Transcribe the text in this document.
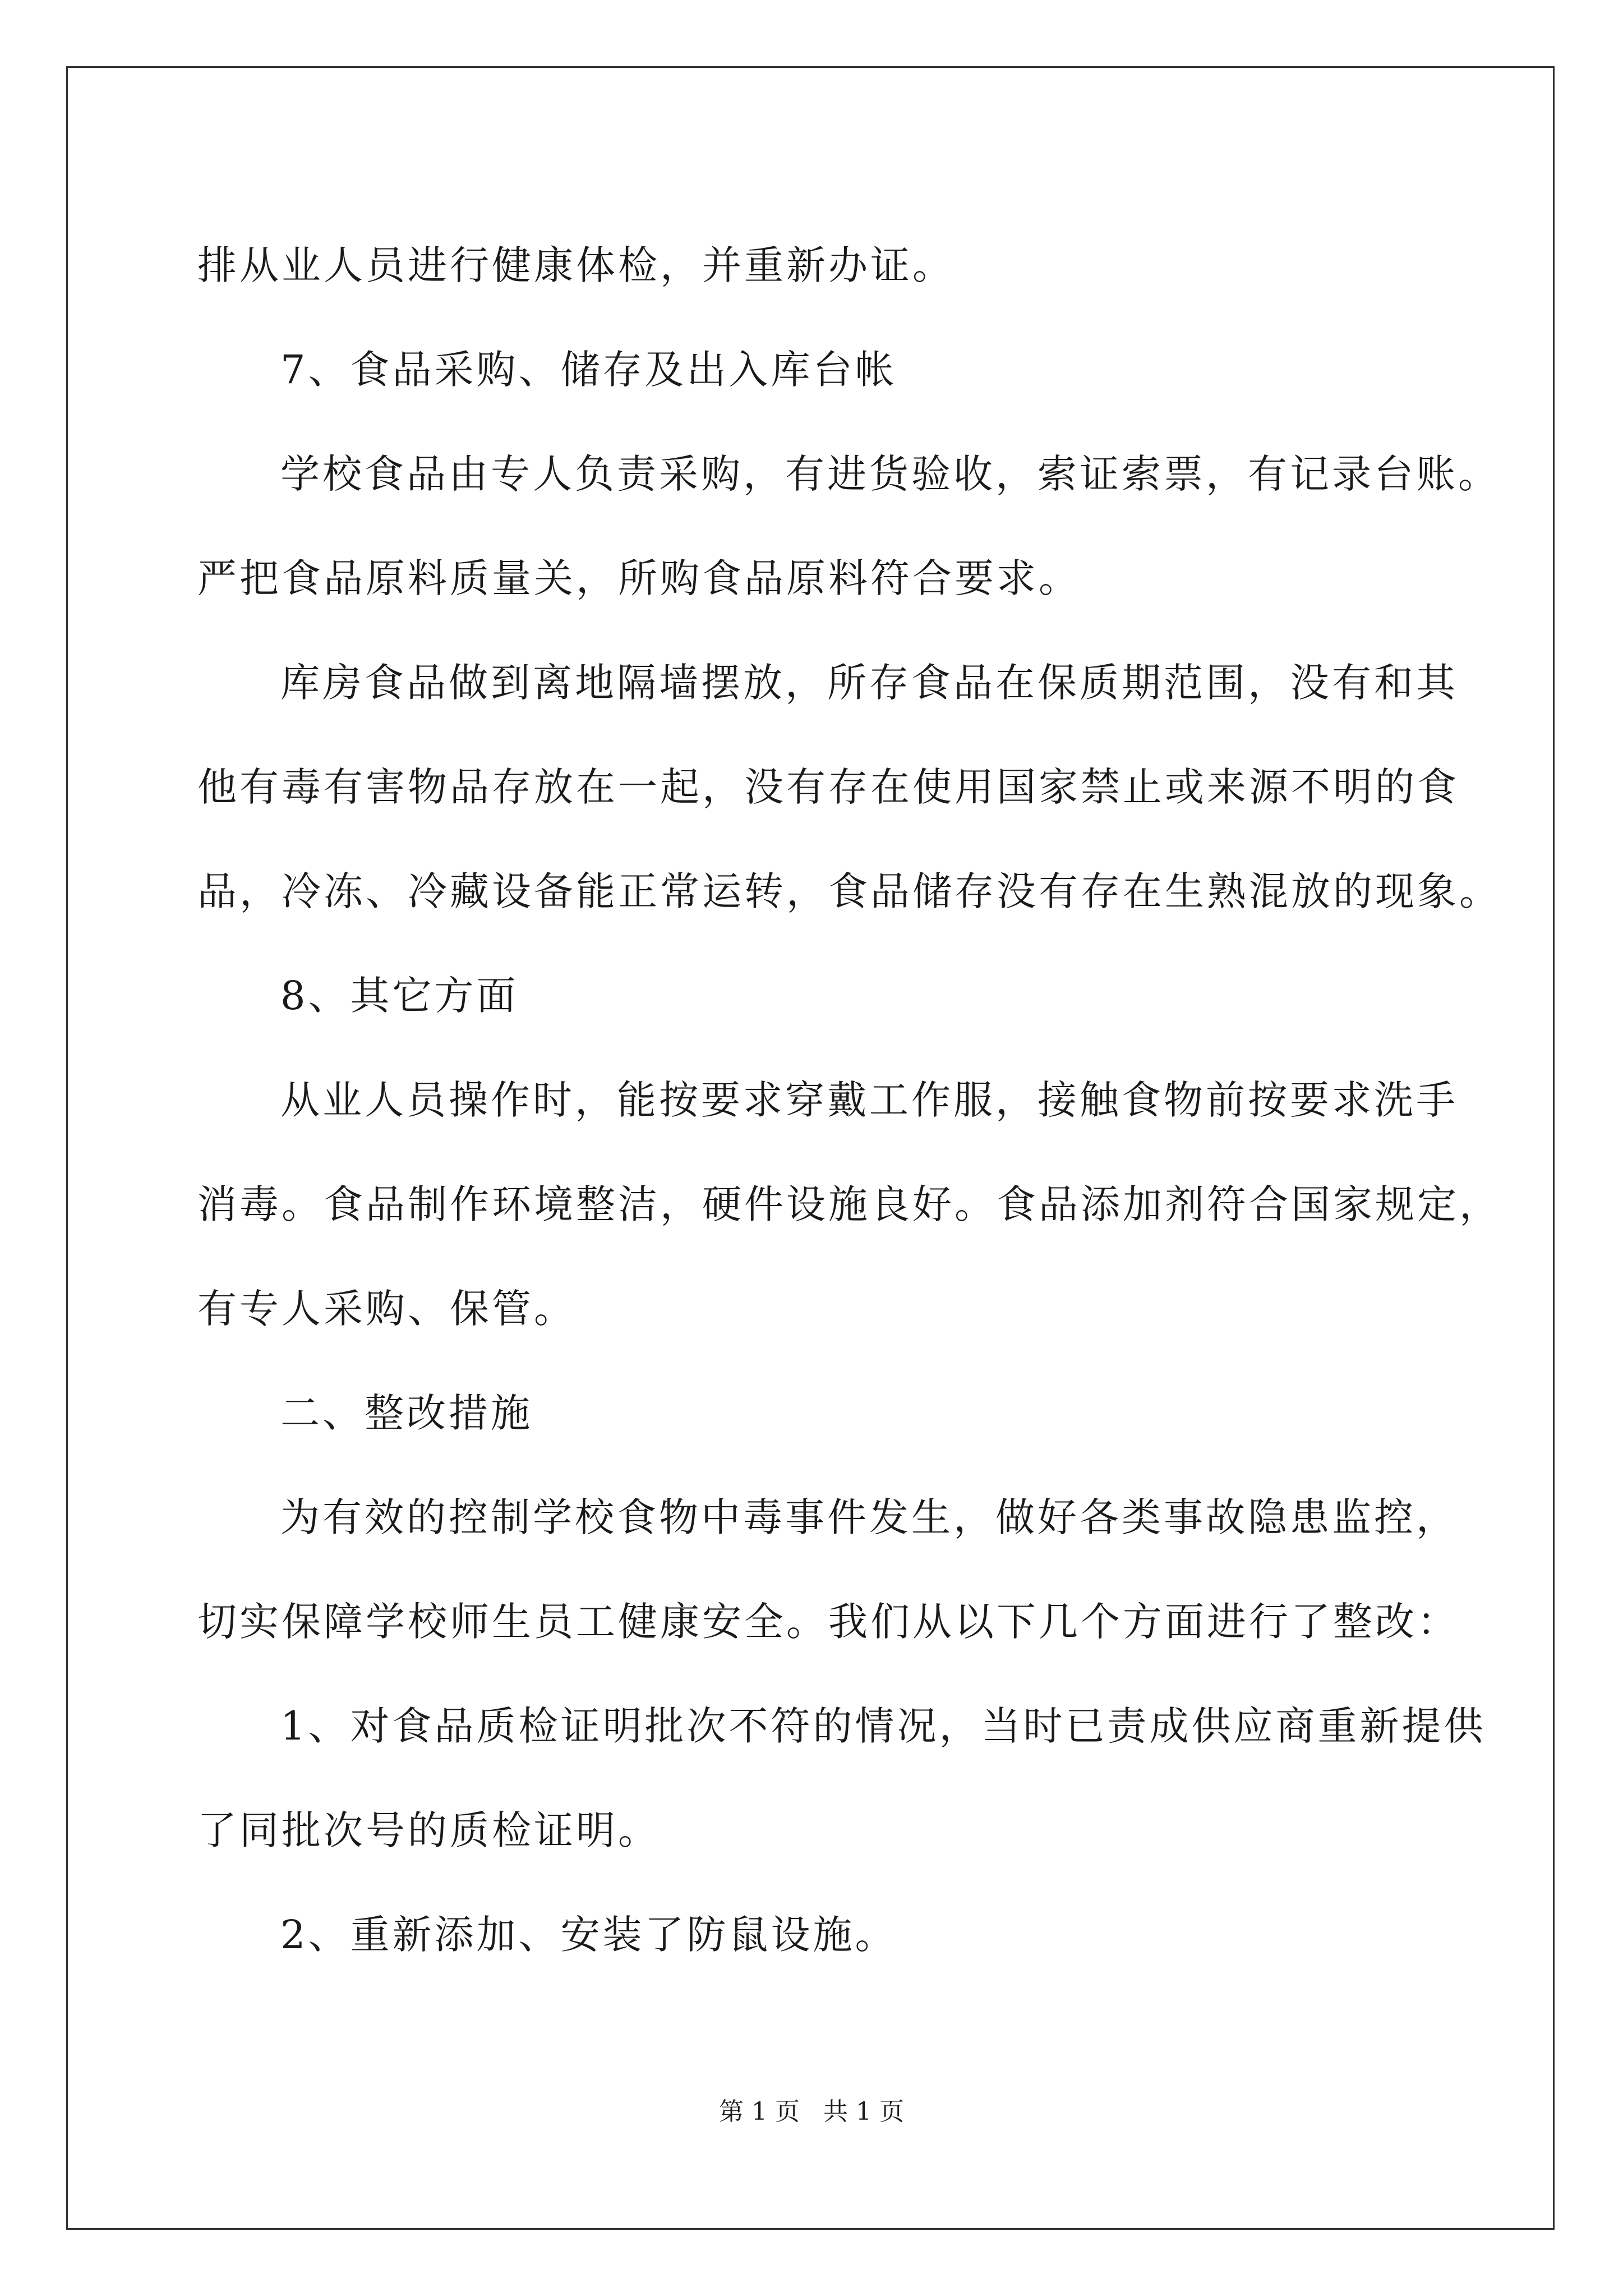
排从业人员进行健康体检，并重新办证。

7、食品采购、储存及出入库台帐

学校食品由专人负责采购，有进货验收，索证索票，有记录台账。

严把食品原料质量关，所购食品原料符合要求。

库房食品做到离地隔墙摆放，所存食品在保质期范围，没有和其

他有毒有害物品存放在一起，没有存在使用国家禁止或来源不明的食

品，冷冻、冷藏设备能正常运转，食品储存没有存在生熟混放的现象。

8、其它方面

从业人员操作时，能按要求穿戴工作服，接触食物前按要求洗手

消毒。食品制作环境整洁，硬件设施良好。食品添加剂符合国家规定，

有专人采购、保管。

二、整改措施

为有效的控制学校食物中毒事件发生，做好各类事故隐患监控，

切实保障学校师生员工健康安全。我们从以下几个方面进行了整改：

1、对食品质检证明批次不符的情况，当时已责成供应商重新提供

了同批次号的质检证明。

2、重新添加、安装了防鼠设施。

第 1 页   共 1 页
